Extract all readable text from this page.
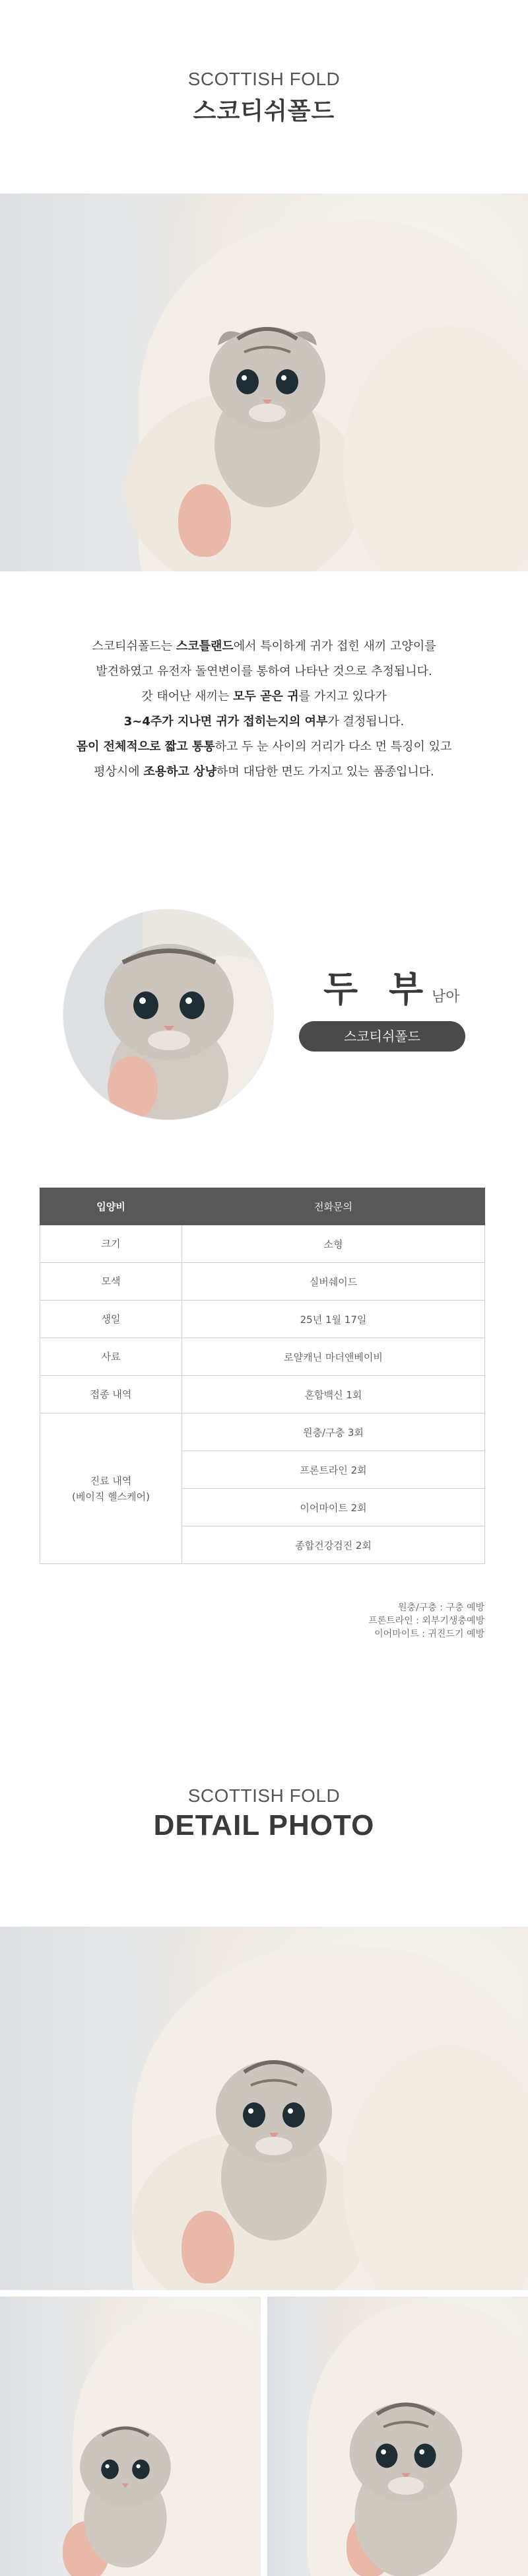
SCOTTISH FOLD
스코티쉬폴드
스코티쉬폴드는 스코틀랜드에서 특이하게 귀가 접힌 새끼 고양이를
발견하였고 유전자 돌연변이를 통하여 나타난 것으로 추정됩니다.
갓 태어난 새끼는 모두 곧은 귀를 가지고 있다가
3~4주가 지나면 귀가 접히는지의 여부가 결정됩니다.
몸이 전체적으로 짧고 통통하고 두 눈 사이의 거리가 다소 먼 특징이 있고
평상시에 조용하고 상냥하며 대담한 면도 가지고 있는 품종입니다.
두 부
남아
스코티쉬폴드
입양비	전화문의
크기	소형
모색	실버쉐이드
생일	25년 1월 17일
사료	로얄캐닌 마더앤베이비
접종 내역	혼합백신 1회

진료 내역
(베이직 헬스케어)	원충/구충 3회
	프론트라인 2회
	이어마이트 2회
	종합건강검진 2회
원충/구충 : 구충 예방
프론트라인 : 외부기생충예방
이어마이트 : 귀진드기 예방
SCOTTISH FOLD
DETAIL PHOTO
